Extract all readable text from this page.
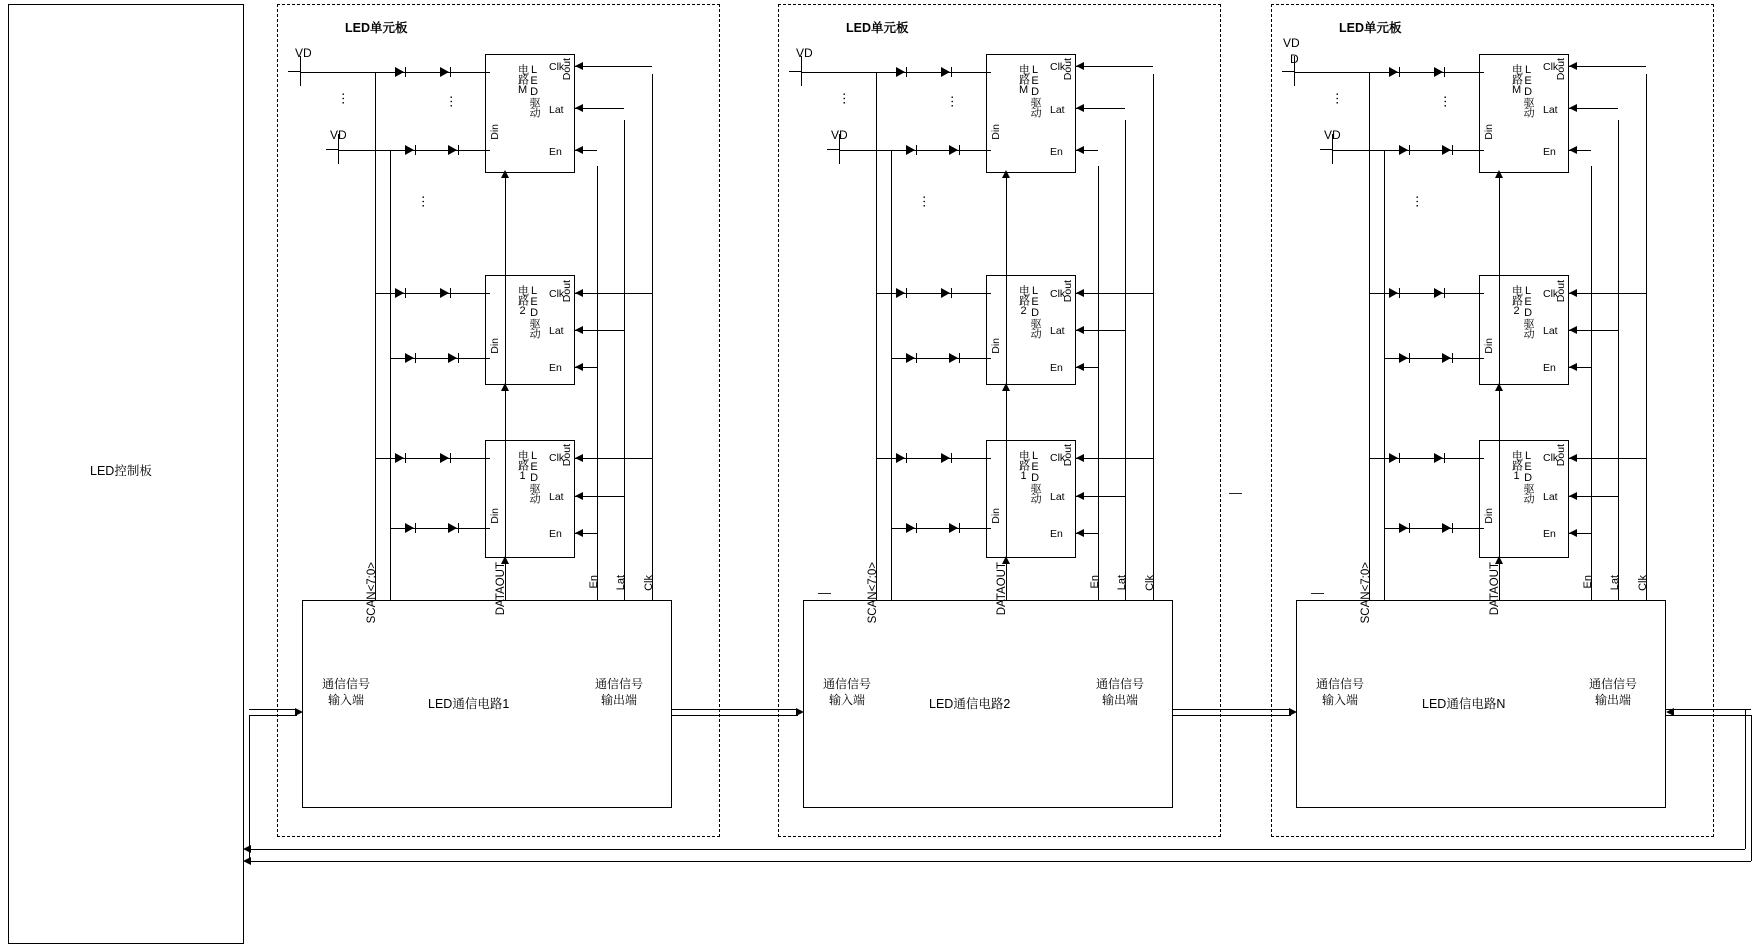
LED控制板
LED单元板
LED通信电路1
通信信号
输入端
通信信号
输出端
LED驱动
电路M
Din
Dout
Clk
Lat
En
LED驱动
电路2
Din
Dout
Clk
Lat
En
LED驱动
电路1
Din
Dout
Clk
Lat
En
SCAN<7:0>	DATAOUT	En Lat Clk
VD
VD
⋯	⋯
⋯
LED单元板
LED通信电路2
通信信号
输入端
通信信号
输出端
LED驱动
电路M
Din
Dout
Clk
Lat
En
LED驱动
电路2
Din
Dout
Clk
Lat
En
LED驱动
电路1
Din
Dout
Clk
Lat
En
SCAN<7:0>	DATAOUT	En Lat Clk
VD
VD
⋯	⋯
⋯
—
LED单元板
LED通信电路N
通信信号
输入端
通信信号
输出端
LED驱动
电路M
Din
Dout
Clk
Lat
En
LED驱动
电路2
Din
Dout
Clk
Lat
En
LED驱动
电路1
Din
Dout
Clk
Lat
En
SCAN<7:0>	DATAOUT	En Lat Clk
VD
D
VD
⋯	⋯
⋯
—
—
